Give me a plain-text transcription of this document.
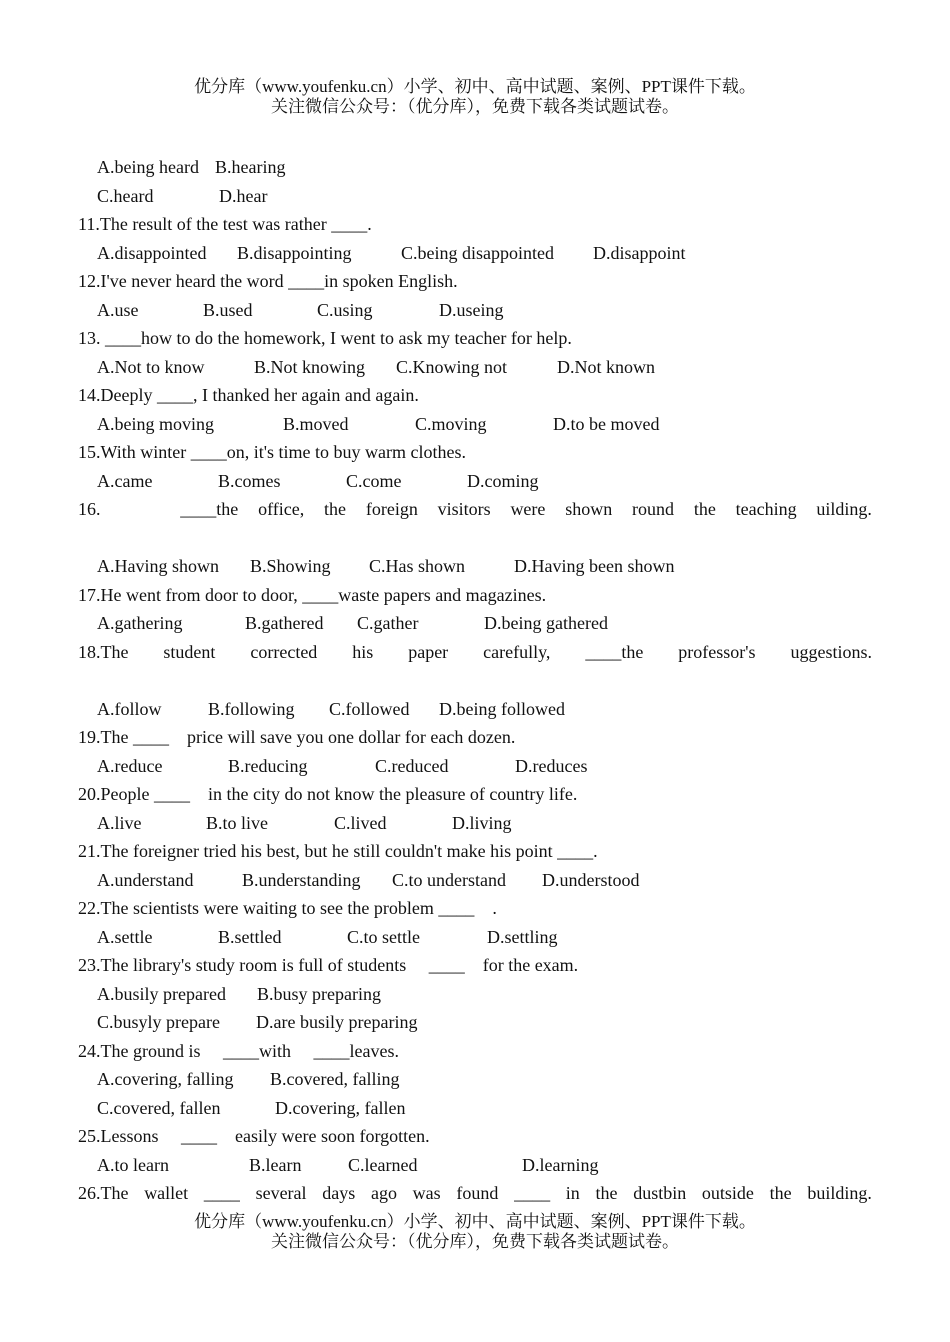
优分库（www.youfenku.cn）小学、初中、高中试题、案例、PPT课件下载。
关注微信公众号：（优分库），免费下载各类试题试卷。

A.being heard

B.hearing

C.heard

	D.hear

11.The result of the test was rather ____.

A.disappointed

B.disappointing

	C.being disappointed

D.disappoint

12.I've never heard the word ____in spoken English.

A.use

	B.used

	C.using

	D.useing

13. ____how to do the homework, I went to ask my teacher for help.

A.Not to know

	B.Not knowing

C.Knowing not

	D.Not known

14.Deeply ____, I thanked her again and again.

A.being moving

	B.moved

	C.moving

	D.to be moved

15.With winter ____on, it's time to buy warm clothes.

A.came

	B.comes

	C.come

	D.coming

16.	____the office, the foreign visitors were shown round the teaching uilding.

A.Having shown

B.Showing

C.Has shown

	D.Having been shown

17.He went from door to door, ____waste papers and magazines.

A.gathering

	B.gathered

C.gather

	D.being gathered

18.The student corrected his paper carefully, ____the professor's uggestions.

A.follow

	B.following

C.followed

D.being followed

19.The ____    price will save you one dollar for each dozen.

A.reduce

	B.reducing

	C.reduced

	D.reduces

20.People ____    in the city do not know the pleasure of country life.

A.live

	B.to live

	C.lived

	D.living

21.The foreigner tried his best, but he still couldn't make his point ____.

A.understand

	B.understanding

C.to understand

D.understood

22.The scientists were waiting to see the problem ____    .

A.settle

	B.settled

	C.to settle

	D.settling

23.The library's study room is full of students     ____    for the exam.

A.busily prepared

B.busy preparing

C.busyly prepare

D.are busily preparing

24.The ground is     ____with     ____leaves.

A.covering, falling

B.covered, falling

C.covered, fallen

	D.covering, fallen

25.Lessons     ____    easily were soon forgotten.

A.to learn

	B.learn

	C.learned

	D.learning

26.The wallet ____ several days ago was found ____ in the dustbin outside the building.
优分库（www.youfenku.cn）小学、初中、高中试题、案例、PPT课件下载。
关注微信公众号：（优分库），免费下载各类试题试卷。
